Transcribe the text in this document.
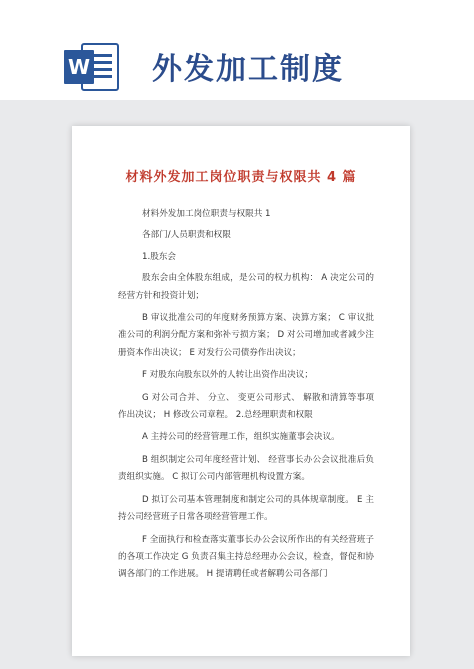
W 外发加工制度
材料外发加工岗位职责与权限共 4 篇

材料外发加工岗位职责与权限共 1

各部门/人员职责和权限

1.股东会

股东会由全体股东组成，是公司的权力机构： A 决定公司的经营方针和投资计划；

B 审议批准公司的年度财务预算方案、决算方案； C 审议批准公司的利润分配方案和弥补亏损方案； D 对公司增加或者减少注册资本作出决议； E 对发行公司债券作出决议；

F 对股东向股东以外的人转让出资作出决议；

G 对公司合并、 分立、 变更公司形式、 解散和清算等事项作出决议； H 修改公司章程。 2.总经理职责和权限

A 主持公司的经营管理工作，组织实施董事会决议。

B 组织制定公司年度经营计划、 经营事长办公会议批准后负责组织实施。 C 拟订公司内部管理机构设置方案。

D 拟订公司基本管理制度和制定公司的具体规章制度。 E 主持公司经营班子日常各项经营管理工作。

F 全面执行和检查落实董事长办公会议所作出的有关经营班子的各项工作决定 G 负责召集主持总经理办公会议，检查，督促和协调各部门的工作进展。 H 提请聘任或者解聘公司各部门
